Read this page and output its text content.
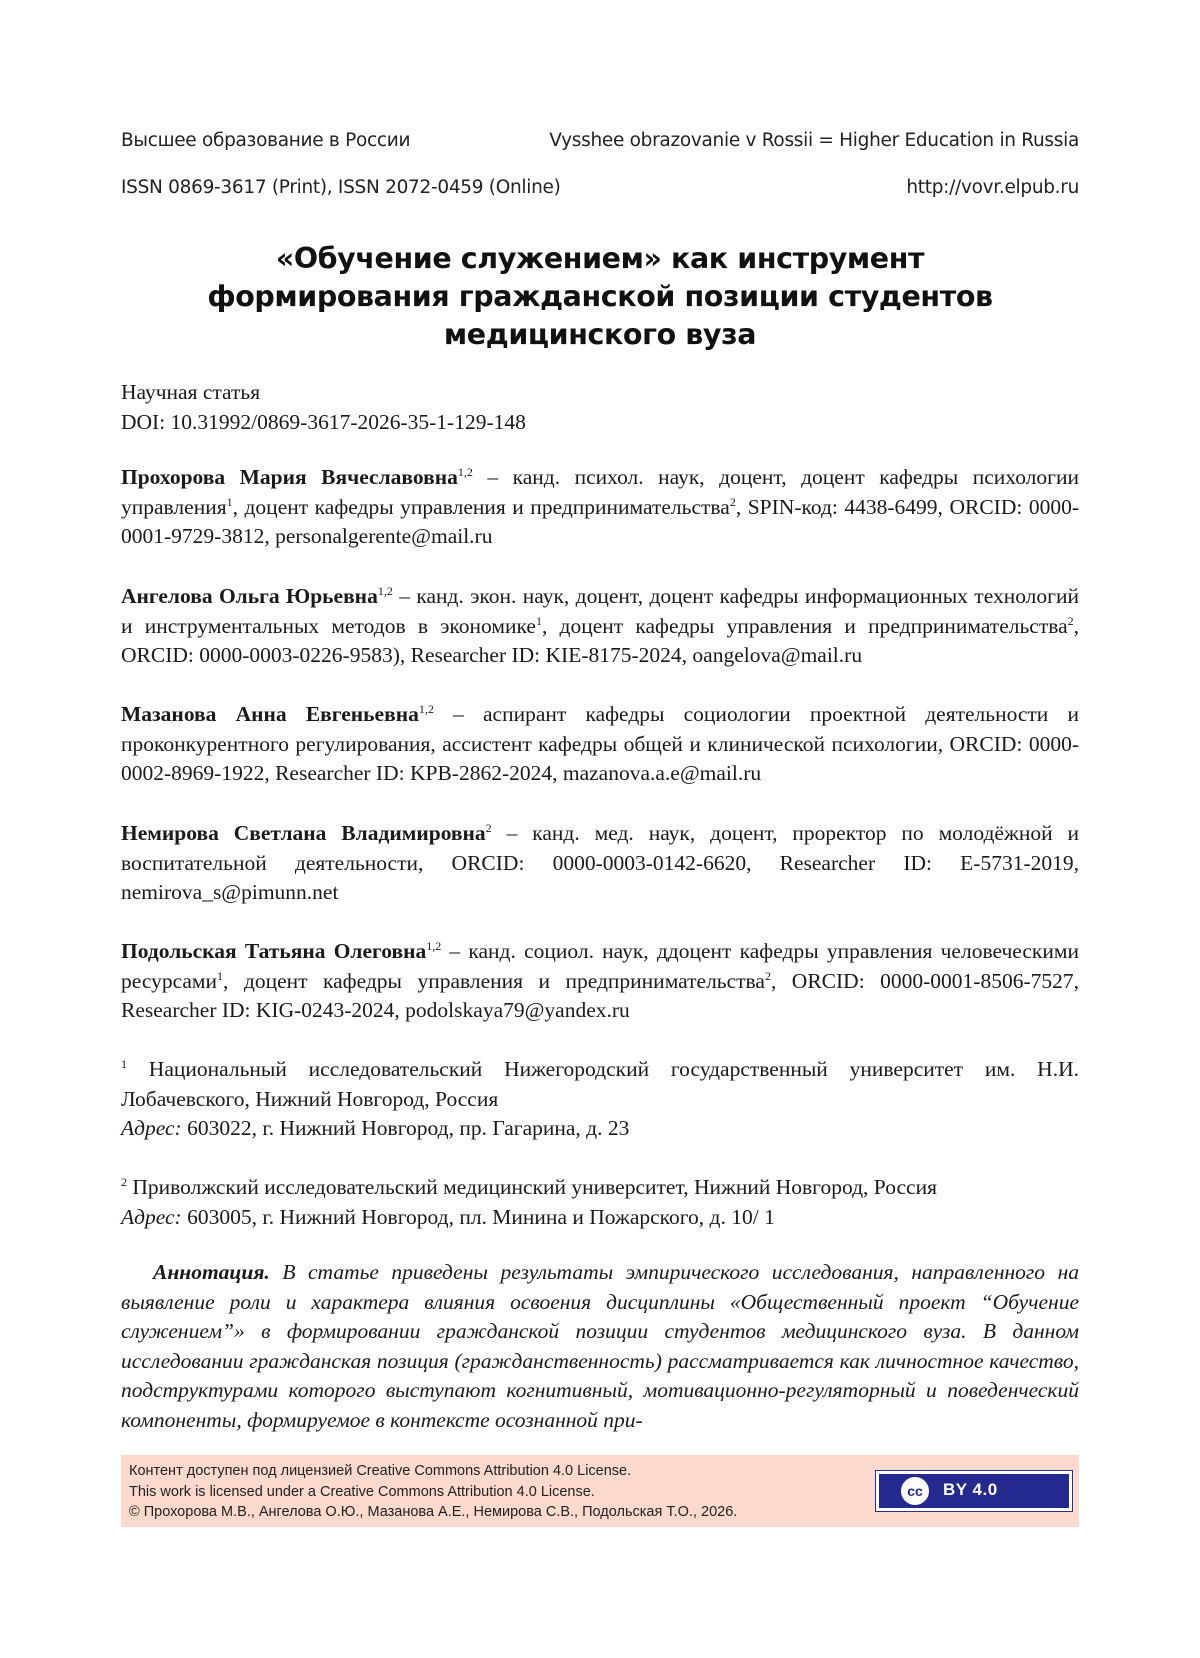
Высшее образование в России	Vysshee obrazovanie v Rossii = Higher Education in Russia
ISSN 0869-3617 (Print), ISSN 2072-0459 (Online)	http://vovr.elpub.ru
«Обучение служением» как инструмент
формирования гражданской позиции студентов
медицинского вуза
Научная статья
DOI: 10.31992/0869-3617-2026-35-1-129-148
Прохорова Мария Вячеславовна$^{1,2}$ – канд. психол. наук, доцент, доцент кафедры психологии управления$^1$, доцент кафедры управления и предпринимательства$^2$, SPIN-код: 4438-6499, ORCID: 0000-0001-9729-3812, personalgerente@mail.ru
Ангелова Ольга Юрьевна$^{1,2}$ – канд. экон. наук, доцент, доцент кафедры информационных технологий и инструментальных методов в экономике$^1$, доцент кафедры управления и предпринимательства$^2$, ORCID: 0000-0003-0226-9583), Researcher ID: KIE-8175-2024, oangelova@mail.ru
Мазанова Анна Евгеньевна$^{1,2}$ – аспирант кафедры социологии проектной деятельности и проконкурентного регулирования, ассистент кафедры общей и клинической психологии, ORCID: 0000-0002-8969-1922, Researcher ID: KPB-2862-2024, mazanova.a.e@mail.ru
Немирова Светлана Владимировна$^2$ – канд. мед. наук, доцент, проректор по молодёжной и воспитательной деятельности, ORCID: 0000-0003-0142-6620, Researcher ID: E-5731-2019, nemirova_s@pimunn.net
Подольская Татьяна Олеговна$^{1,2}$ – канд. социол. наук, ддоцент кафедры управления человеческими ресурсами$^1$, доцент кафедры управления и предпринимательства$^2$, ORCID: 0000-0001-8506-7527, Researcher ID: KIG-0243-2024, podolskaya79@yandex.ru
$^1$ Национальный исследовательский Нижегородский государственный университет им. Н.И. Лобачевского, Нижний Новгород, Россия
Адрес: 603022, г. Нижний Новгород, пр. Гагарина, д. 23
$^2$ Приволжский исследовательский медицинский университет, Нижний Новгород, Россия
Адрес: 603005, г. Нижний Новгород, пл. Минина и Пожарского, д. 10/ 1
Аннотация. В статье приведены результаты эмпирического исследования, направленного на выявление роли и характера влияния освоения дисциплины «Общественный проект “Обучение служением”» в формировании гражданской позиции студентов медицинского вуза. В данном исследовании гражданская позиция (гражданственность) рассматривается как личностное качество, подструктурами которого выступают когнитивный, мотивационно-регуляторный и поведенческий компоненты, формируемое в контексте осознанной при-
Контент доступен под лицензией Creative Commons Attribution 4.0 License.
This work is licensed under a Creative Commons Attribution 4.0 License.
© Прохорова М.В., Ангелова О.Ю., Мазанова А.Е., Немирова С.В., Подольская Т.О., 2026.
cc	BY 4.0
